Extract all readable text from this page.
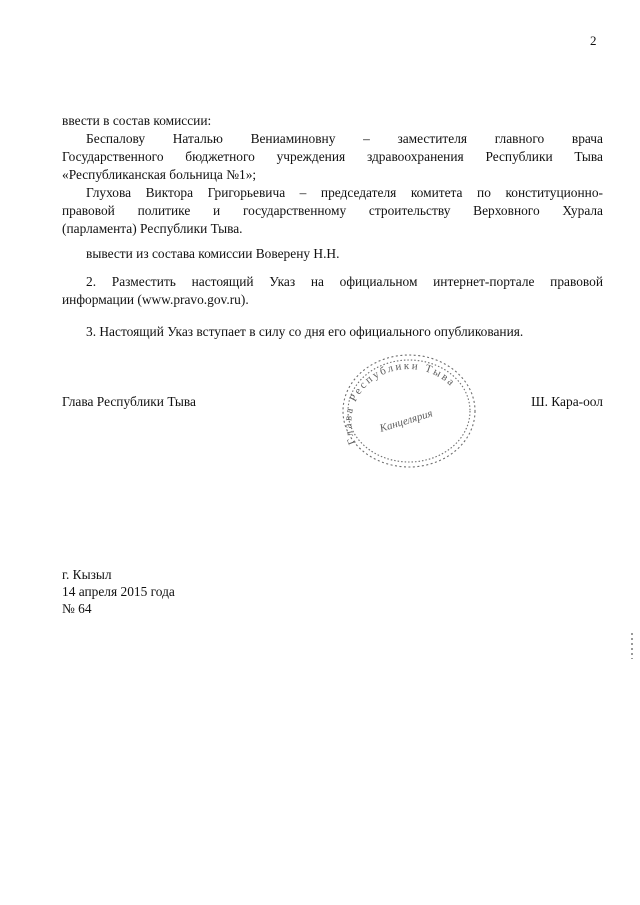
2

ввести в состав комиссии:

Беспалову Наталью Вениаминовну – заместителя главного врача

Государственного бюджетного учреждения здравоохранения Республики Тыва

«Республиканская больница №1»;

Глухова Виктора Григорьевича – председателя комитета по конституционно-

правовой политике и государственному строительству Верховного Хурала

(парламента) Республики Тыва.

вывести из состава комиссии Воверену Н.Н.

2. Разместить настоящий Указ на официальном интернет-портале правовой

информации (www.pravo.gov.ru).

3. Настоящий Указ вступает в силу со дня его официального опубликования.

Глава Республики Тыва
Канцелярия
Глава Республики Тыва	Ш. Кара-оол
г. Кызыл
14 апреля 2015 года
№ 64
